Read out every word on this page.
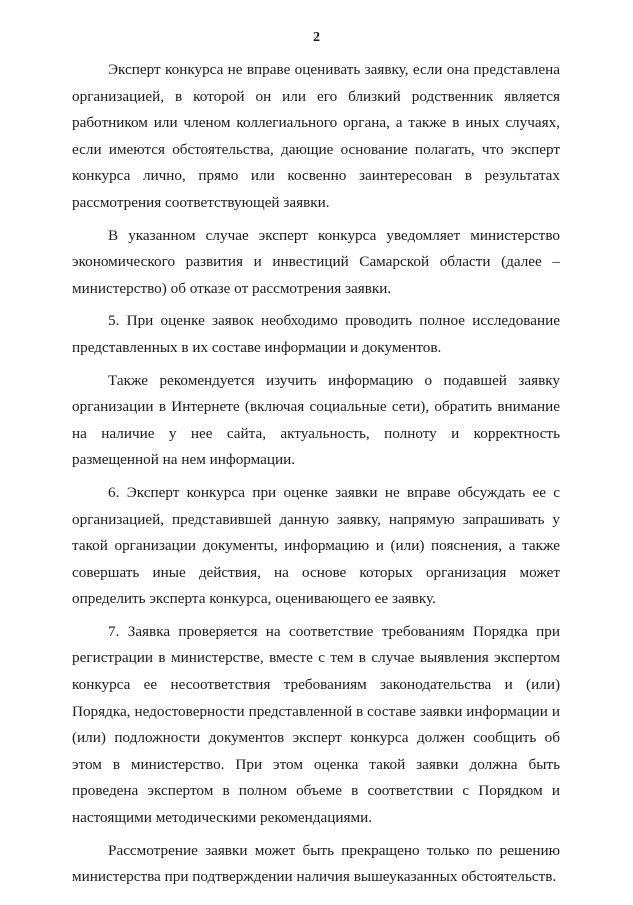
2

Эксперт конкурса не вправе оценивать заявку, если она представлена организацией, в которой он или его близкий родственник является работником или членом коллегиального органа, а также в иных случаях, если имеются обстоятельства, дающие основание полагать, что эксперт конкурса лично, прямо или косвенно заинтересован в результатах рассмотрения соответствующей заявки.

В указанном случае эксперт конкурса уведомляет министерство экономического развития и инвестиций Самарской области (далее – министерство) об отказе от рассмотрения заявки.

5. При оценке заявок необходимо проводить полное исследование представленных в их составе информации и документов.

Также рекомендуется изучить информацию о подавшей заявку организации в Интернете (включая социальные сети), обратить внимание на наличие у нее сайта, актуальность, полноту и корректность размещенной на нем информации.

6. Эксперт конкурса при оценке заявки не вправе обсуждать ее с организацией, представившей данную заявку, напрямую запрашивать у такой организации документы, информацию и (или) пояснения, а также совершать иные действия, на основе которых организация может определить эксперта конкурса, оценивающего ее заявку.

7. Заявка проверяется на соответствие требованиям Порядка при регистрации в министерстве, вместе с тем в случае выявления экспертом конкурса ее несоответствия требованиям законодательства и (или) Порядка, недостоверности представленной в составе заявки информации и (или) подложности документов эксперт конкурса должен сообщить об этом в министерство. При этом оценка такой заявки должна быть проведена экспертом в полном объеме в соответствии с Порядком и настоящими методическими рекомендациями.

Рассмотрение заявки может быть прекращено только по решению министерства при подтверждении наличия вышеуказанных обстоятельств.
